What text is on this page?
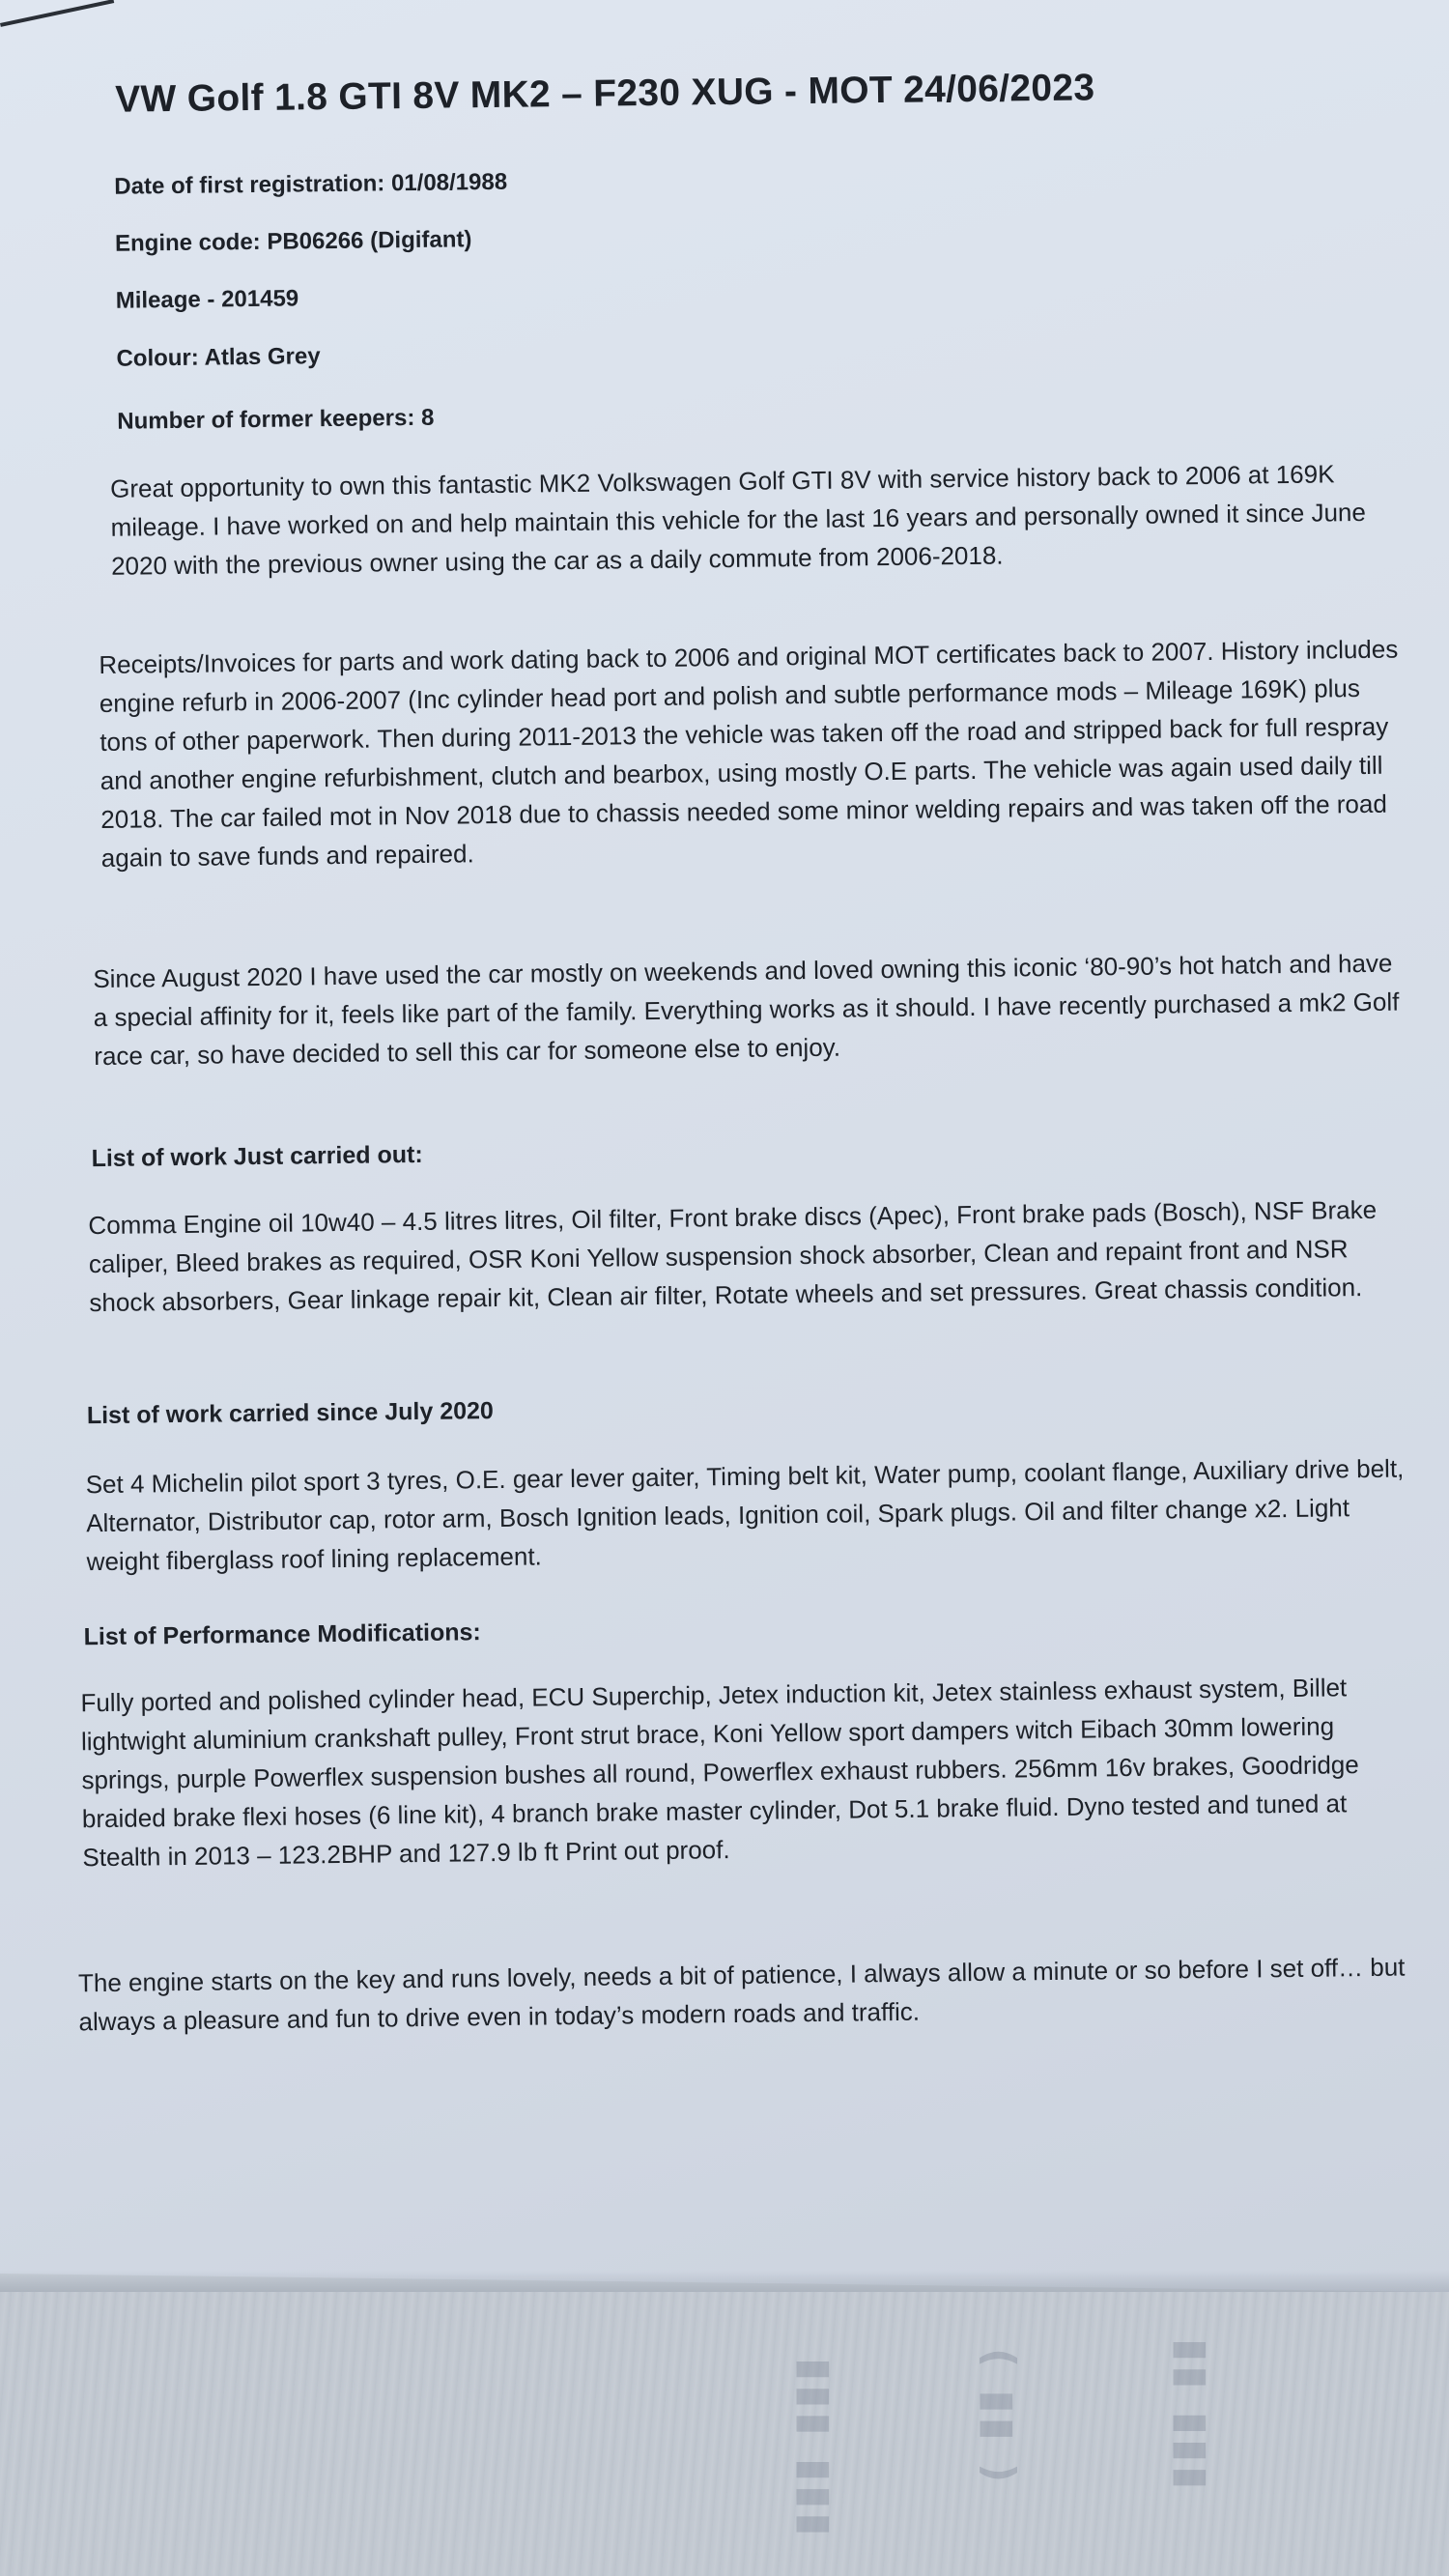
▮▮▮ ▮▮▮	( ▮▮ )	▮▮ ▮▮▮
VW Golf 1.8 GTI 8V MK2 – F230 XUG - MOT 24/06/2023

Date of first registration: 01/08/1988

Engine code: PB06266 (Digifant)

Mileage - 201459

Colour: Atlas Grey

Number of former keepers: 8

Great opportunity to own this fantastic MK2 Volkswagen Golf GTI 8V with service history back to 2006 at 169K mileage. I have worked on and help maintain this vehicle for the last 16 years and personally owned it since June 2020 with the previous owner using the car as a daily commute from 2006-2018.

Receipts/Invoices for parts and work dating back to 2006 and original MOT certificates back to 2007. History includes engine refurb in 2006-2007 (Inc cylinder head port and polish and subtle performance mods – Mileage 169K) plus tons of other paperwork. Then during 2011-2013 the vehicle was taken off the road and stripped back for full respray and another engine refurbishment, clutch and bearbox, using mostly O.E parts. The vehicle was again used daily till 2018. The car failed mot in Nov 2018 due to chassis needed some minor welding repairs and was taken off the road again to save funds and repaired.

Since August 2020 I have used the car mostly on weekends and loved owning this iconic ‘80-90’s hot hatch and have a special affinity for it, feels like part of the family. Everything works as it should. I have recently purchased a mk2 Golf race car, so have decided to sell this car for someone else to enjoy.

List of work Just carried out:

Comma Engine oil 10w40 – 4.5 litres litres, Oil filter, Front brake discs (Apec), Front brake pads (Bosch), NSF Brake caliper, Bleed brakes as required, OSR Koni Yellow suspension shock absorber, Clean and repaint front and NSR shock absorbers, Gear linkage repair kit, Clean air filter, Rotate wheels and set pressures. Great chassis condition.

List of work carried since July 2020

Set 4 Michelin pilot sport 3 tyres, O.E. gear lever gaiter, Timing belt kit, Water pump, coolant flange, Auxiliary drive belt, Alternator, Distributor cap, rotor arm, Bosch Ignition leads, Ignition coil, Spark plugs. Oil and filter change x2. Light weight fiberglass roof lining replacement.

List of Performance Modifications:

Fully ported and polished cylinder head, ECU Superchip, Jetex induction kit, Jetex stainless exhaust system, Billet lightwight aluminium crankshaft pulley, Front strut brace, Koni Yellow sport dampers witch Eibach 30mm lowering springs, purple Powerflex suspension bushes all round, Powerflex exhaust rubbers. 256mm 16v brakes, Goodridge braided brake flexi hoses (6 line kit), 4 branch brake master cylinder, Dot 5.1 brake fluid. Dyno tested and tuned at Stealth in 2013 – 123.2BHP and 127.9 lb ft Print out proof.

The engine starts on the key and runs lovely, needs a bit of patience, I always allow a minute or so before I set off… but always a pleasure and fun to drive even in today’s modern roads and traffic.
